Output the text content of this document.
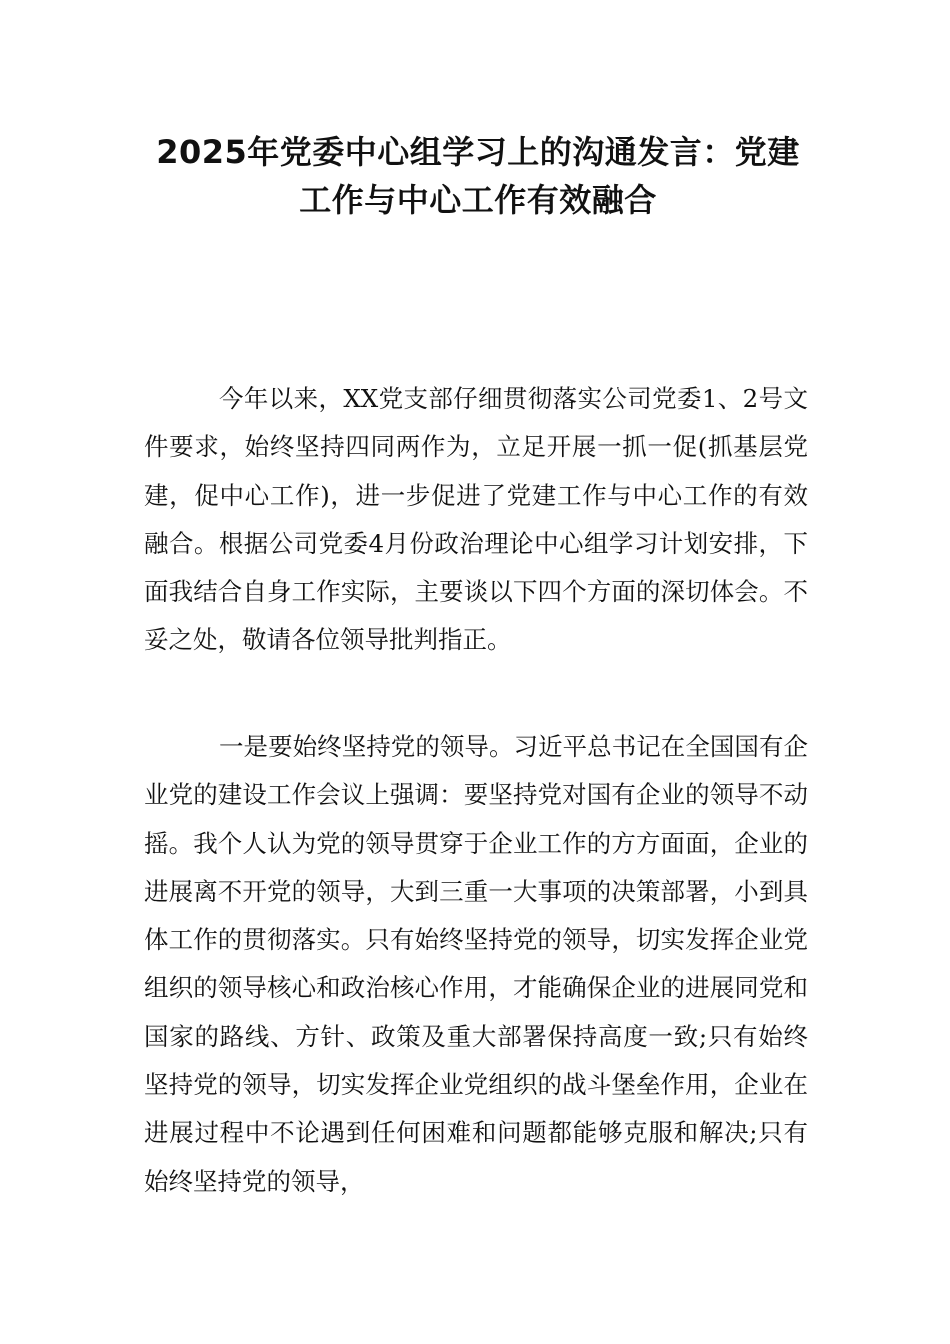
2025年党委中心组学习上的沟通发言：党建工作与中心工作有效融合

今年以来，XX党支部仔细贯彻落实公司党委1、2号文件要求，始终坚持四同两作为，立足开展一抓一促(抓基层党建，促中心工作)，进一步促进了党建工作与中心工作的有效融合。根据公司党委4月份政治理论中心组学习计划安排，下面我结合自身工作实际，主要谈以下四个方面的深切体会。不妥之处，敬请各位领导批判指正。

一是要始终坚持党的领导。习近平总书记在全国国有企业党的建设工作会议上强调：要坚持党对国有企业的领导不动摇。我个人认为党的领导贯穿于企业工作的方方面面，企业的进展离不开党的领导，大到三重一大事项的决策部署，小到具体工作的贯彻落实。只有始终坚持党的领导，切实发挥企业党组织的领导核心和政治核心作用，才能确保企业的进展同党和国家的路线、方针、政策及重大部署保持高度一致;只有始终坚持党的领导，切实发挥企业党组织的战斗堡垒作用，企业在进展过程中不论遇到任何困难和问题都能够克服和解决;只有始终坚持党的领导，
